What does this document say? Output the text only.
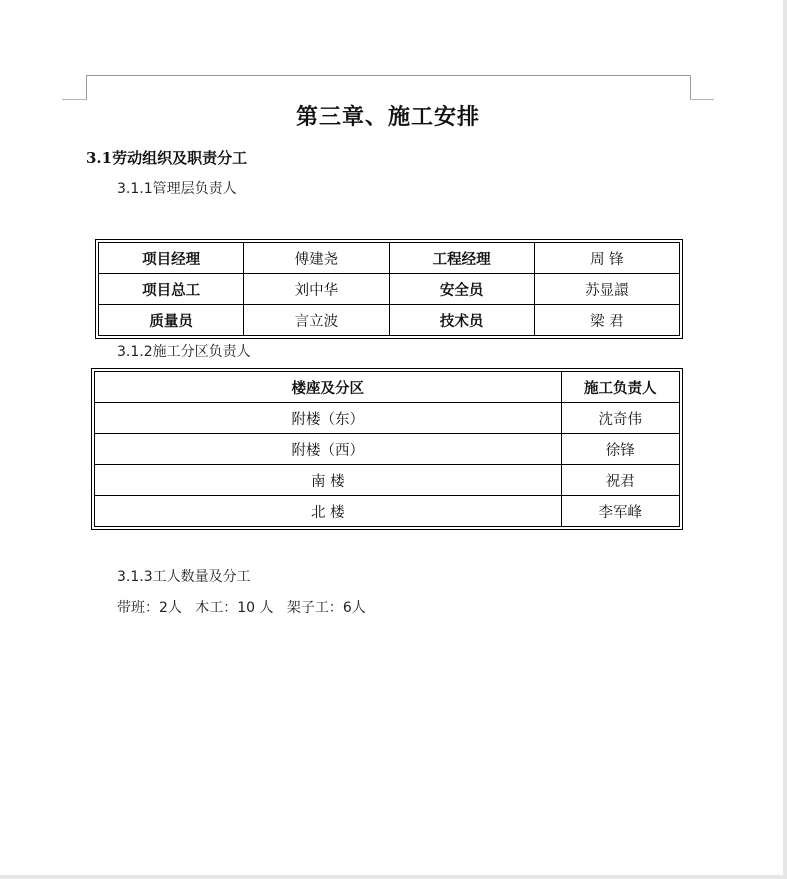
第三章、施工安排
3.1劳动组织及职责分工
3.1.1管理层负责人
项目经理	傅建尧	工程经理	周 锋
项目总工	刘中华	安全员	苏显譞
质量员	言立波	技术员	梁 君
3.1.2施工分区负责人
楼座及分区	施工负责人
附楼（东）	沈奇伟
附楼（西）	徐锋
南 楼	祝君
北 楼	李军峰
3.1.3工人数量及分工
带班：2人   木工：10 人   架子工：6人
